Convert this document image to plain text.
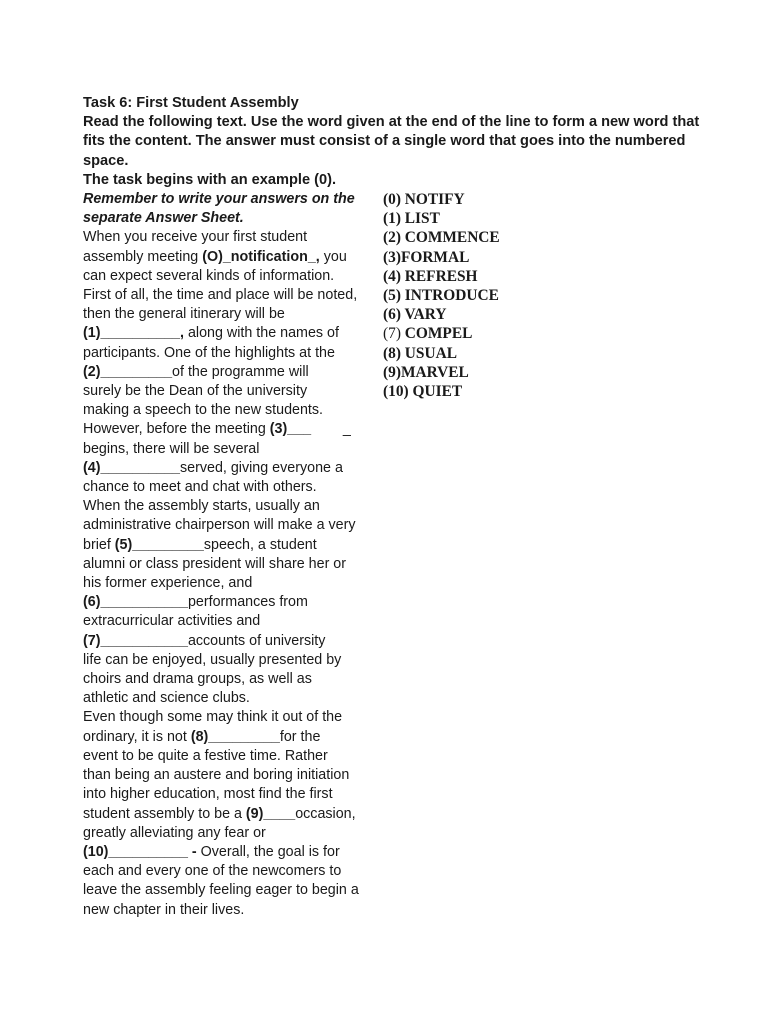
Task 6: First Student Assembly
Read the following text. Use the word given at the end of the line to form a new word that fits the content. The answer must consist of a single word that goes into the numbered space.
The task begins with an example (0).
Remember to write your answers on the
separate Answer Sheet.
When you receive your first student
assembly meeting (O)_notification_, you
can expect several kinds of information.
First of all, the time and place will be noted,
then the general itinerary will be
(1)__________, along with the names of
participants. One of the highlights at the
(2)_________of the programme will
surely be the Dean of the university
making a speech to the new students.
However, before the meeting (3)___        _
begins, there will be several
(4)__________served, giving everyone a
chance to meet and chat with others.
When the assembly starts, usually an
administrative chairperson will make a very
brief (5)_________speech, a student
alumni or class president will share her or
his former experience, and
(6)___________performances from
extracurricular activities and
(7)___________accounts of university
life can be enjoyed, usually presented by
choirs and drama groups, as well as
athletic and science clubs.
Even though some may think it out of the
ordinary, it is not (8)_________for the
event to be quite a festive time. Rather
than being an austere and boring initiation
into higher education, most find the first
student assembly to be a (9)____occasion,
greatly alleviating any fear or
(10)__________ - Overall, the goal is for
each and every one of the newcomers to
leave the assembly feeling eager to begin a
new chapter in their lives.
(0) NOTIFY
(1) LIST
(2) COMMENCE
(3)FORMAL
(4) REFRESH
(5) INTRODUCE
(6) VARY
(7) COMPEL
(8) USUAL
(9)MARVEL
(10) QUIET
